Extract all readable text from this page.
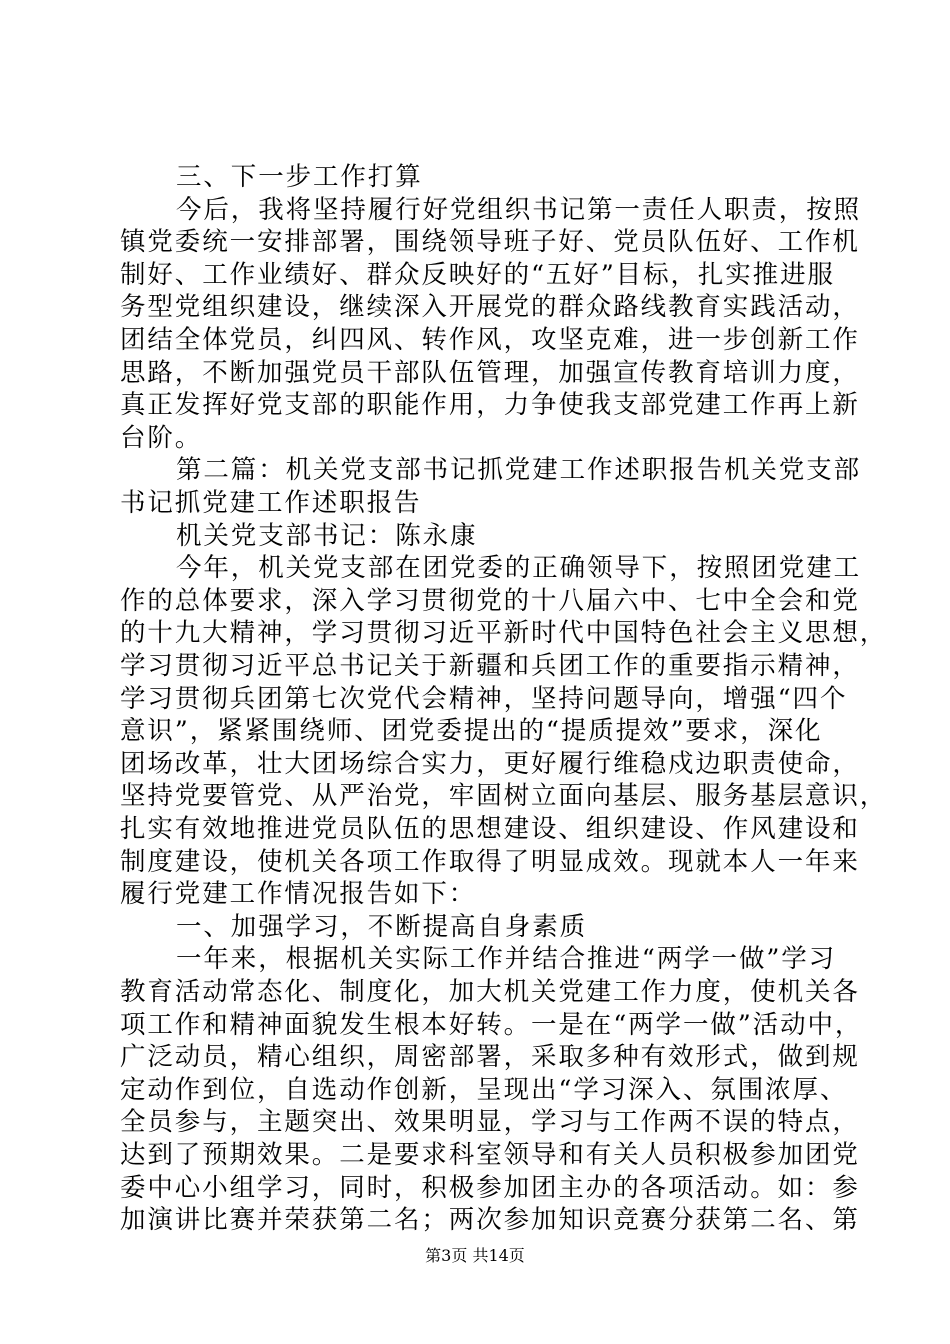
三、下一步工作打算
今后，我将坚持履行好党组织书记第一责任人职责，按照
镇党委统一安排部署，围绕领导班子好、党员队伍好、工作机
制好、工作业绩好、群众反映好的“五好”目标，扎实推进服
务型党组织建设，继续深入开展党的群众路线教育实践活动，
团结全体党员，纠四风、转作风，攻坚克难，进一步创新工作
思路，不断加强党员干部队伍管理，加强宣传教育培训力度，
真正发挥好党支部的职能作用，力争使我支部党建工作再上新
台阶。
第二篇：机关党支部书记抓党建工作述职报告机关党支部
书记抓党建工作述职报告
机关党支部书记：陈永康
今年，机关党支部在团党委的正确领导下，按照团党建工
作的总体要求，深入学习贯彻党的十八届六中、七中全会和党
的十九大精神，学习贯彻习近平新时代中国特色社会主义思想，
学习贯彻习近平总书记关于新疆和兵团工作的重要指示精神，
学习贯彻兵团第七次党代会精神，坚持问题导向，增强“四个
意识”，紧紧围绕师、团党委提出的“提质提效”要求，深化
团场改革，壮大团场综合实力，更好履行维稳戍边职责使命，
坚持党要管党、从严治党，牢固树立面向基层、服务基层意识，
扎实有效地推进党员队伍的思想建设、组织建设、作风建设和
制度建设，使机关各项工作取得了明显成效。现就本人一年来
履行党建工作情况报告如下：
一、加强学习，不断提高自身素质
一年来，根据机关实际工作并结合推进“两学一做”学习
教育活动常态化、制度化，加大机关党建工作力度，使机关各
项工作和精神面貌发生根本好转。一是在“两学一做”活动中，
广泛动员，精心组织，周密部署，采取多种有效形式，做到规
定动作到位，自选动作创新，呈现出“学习深入、氛围浓厚、
全员参与，主题突出、效果明显，学习与工作两不误的特点，
达到了预期效果。二是要求科室领导和有关人员积极参加团党
委中心小组学习，同时，积极参加团主办的各项活动。如：参
第3页 共14页
加演讲比赛并荣获第二名；两次参加知识竞赛分获第二名、第
